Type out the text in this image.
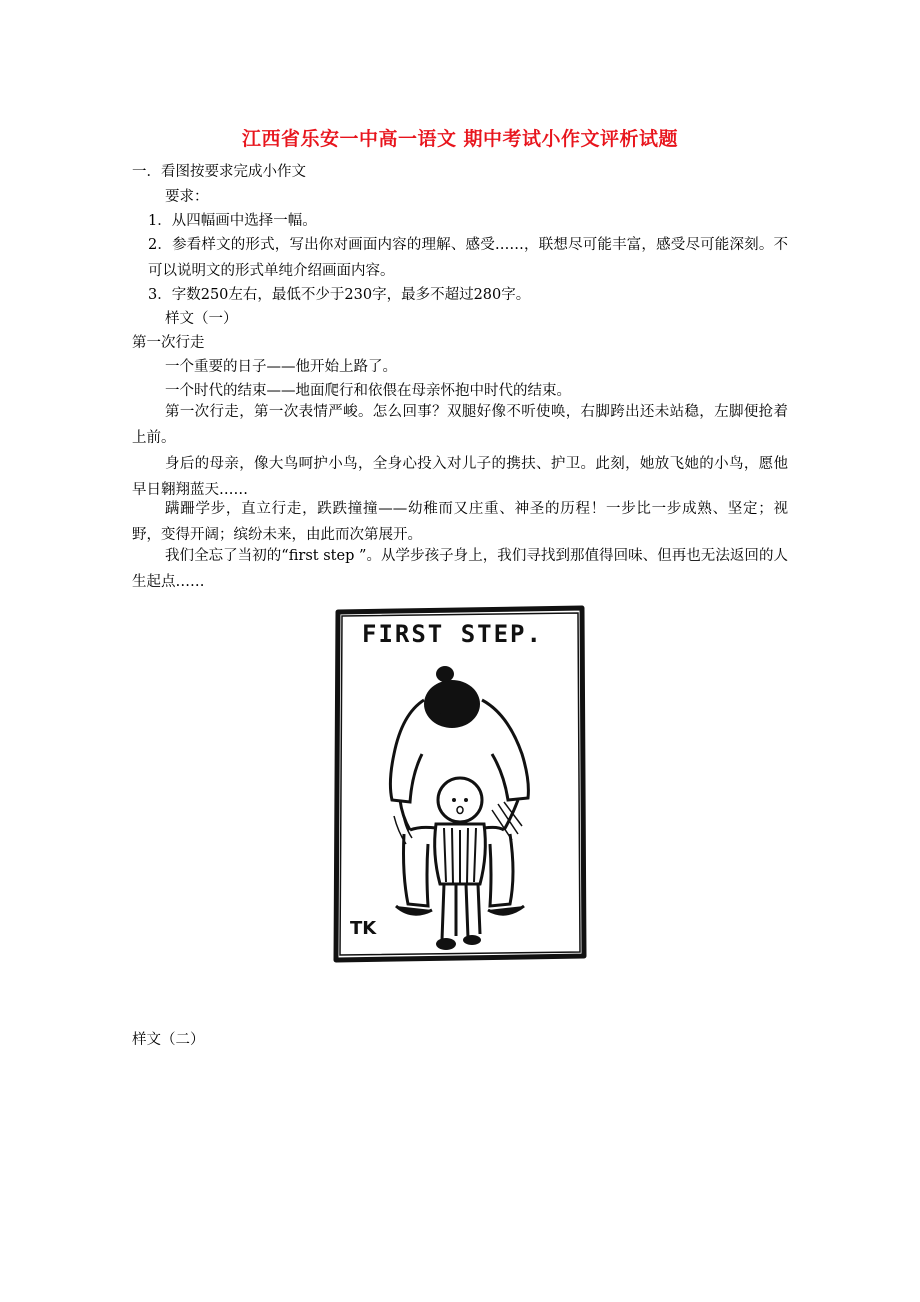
江西省乐安一中高一语文 期中考试小作文评析试题
一．看图按要求完成小作文
要求：
1．从四幅画中选择一幅。
2．参看样文的形式，写出你对画面内容的理解、感受……，联想尽可能丰富，感受尽可能深刻。不可以说明文的形式单纯介绍画面内容。
3．字数250左右，最低不少于230字，最多不超过280字。
样文（一）
第一次行走
一个重要的日子——他开始上路了。
一个时代的结束——地面爬行和依偎在母亲怀抱中时代的结束。
第一次行走，第一次表情严峻。怎么回事？双腿好像不听使唤，右脚跨出还未站稳，左脚便抢着上前。
身后的母亲，像大鸟呵护小鸟，全身心投入对儿子的携扶、护卫。此刻，她放飞她的小鸟，愿他早日翱翔蓝天……
蹒跚学步，直立行走，跌跌撞撞——幼稚而又庄重、神圣的历程！一步比一步成熟、坚定；视野，变得开阔；缤纷未来，由此而次第展开。
我们全忘了当初的“first step ”。从学步孩子身上，我们寻找到那值得回味、但再也无法返回的人生起点……
FIRST STEP.
TK
样文（二）
